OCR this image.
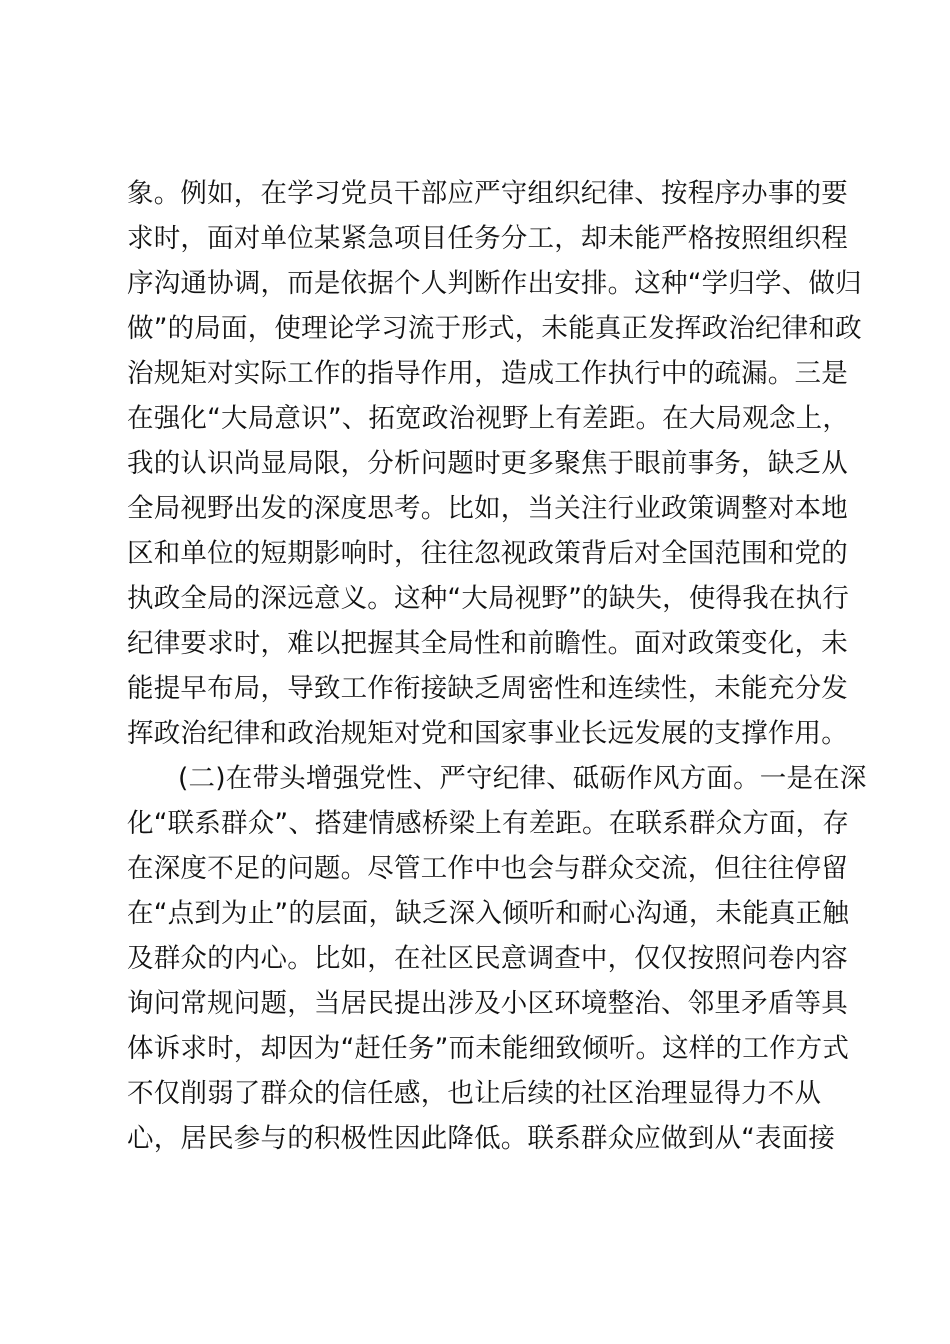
象。例如，在学习党员干部应严守组织纪律、按程序办事的要
求时，面对单位某紧急项目任务分工，却未能严格按照组织程
序沟通协调，而是依据个人判断作出安排。这种“学归学、做归
做”的局面，使理论学习流于形式，未能真正发挥政治纪律和政
治规矩对实际工作的指导作用，造成工作执行中的疏漏。三是
在强化“大局意识”、拓宽政治视野上有差距。在大局观念上，
我的认识尚显局限，分析问题时更多聚焦于眼前事务，缺乏从
全局视野出发的深度思考。比如，当关注行业政策调整对本地
区和单位的短期影响时，往往忽视政策背后对全国范围和党的
执政全局的深远意义。这种“大局视野”的缺失，使得我在执行
纪律要求时，难以把握其全局性和前瞻性。面对政策变化，未
能提早布局，导致工作衔接缺乏周密性和连续性，未能充分发
挥政治纪律和政治规矩对党和国家事业长远发展的支撑作用。
(二)在带头增强党性、严守纪律、砥砺作风方面。一是在深
化“联系群众”、搭建情感桥梁上有差距。在联系群众方面，存
在深度不足的问题。尽管工作中也会与群众交流，但往往停留
在“点到为止”的层面，缺乏深入倾听和耐心沟通，未能真正触
及群众的内心。比如，在社区民意调查中，仅仅按照问卷内容
询问常规问题，当居民提出涉及小区环境整治、邻里矛盾等具
体诉求时，却因为“赶任务”而未能细致倾听。这样的工作方式
不仅削弱了群众的信任感，也让后续的社区治理显得力不从
心，居民参与的积极性因此降低。联系群众应做到从“表面接
